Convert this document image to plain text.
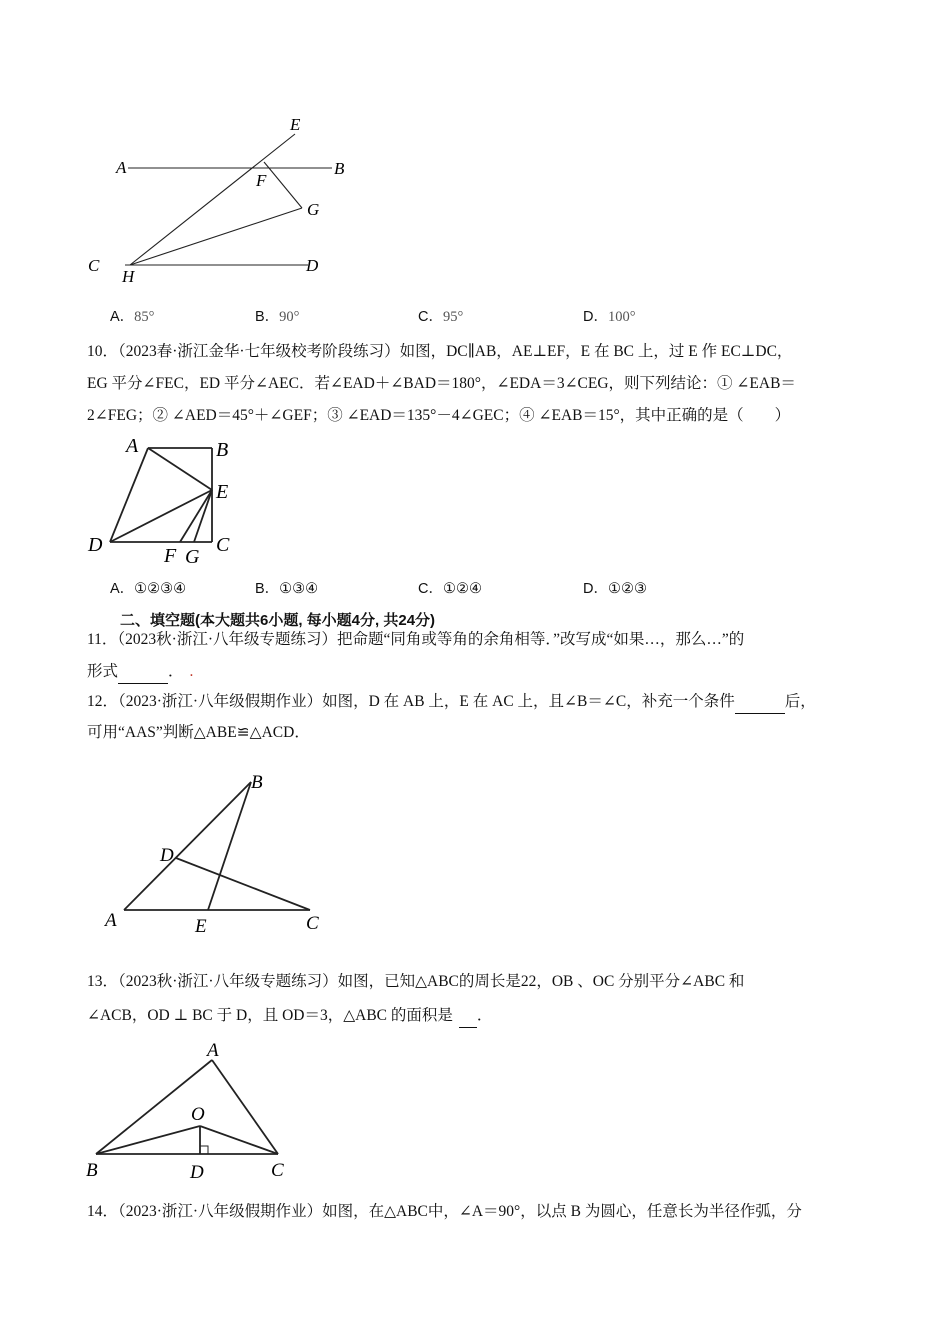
E
A	B
F
G
C
H
D
A．85°	B．90°	C．95°	D．100°
10．（2023春·浙江金华·七年级校考阶段练习）如图，DC∥AB，AE⊥EF，E 在 BC 上，过 E 作 EC⊥DC，
EG 平分∠FEC，ED 平分∠AEC．若∠EAD＋∠BAD＝180°，∠EDA＝3∠CEG，则下列结论：① ∠EAB＝
2∠FEG；② ∠AED＝45°＋∠GEF；③ ∠EAD＝135°－4∠GEC；④ ∠EAB＝15°，其中正确的是（　　）
A	B
E
D	F G
C
A．①②③④	B．①③④	C．①②④	D．①②③
二、填空题(本大题共6小题, 每小题4分, 共24分)
11．（2023秋·浙江·八年级专题练习）把命题“同角或等角的余角相等．”改写成“如果…，那么…”的
形式	． .
12．（2023·浙江·八年级假期作业）如图，D 在 AB 上，E 在 AC 上，且∠B＝∠C，补充一个条件	后，
可用“AAS”判断△ABE≌△ACD．
B
D
A	E	C
13．（2023秋·浙江·八年级专题练习）如图，已知△ABC的周长是22，OB 、OC 分别平分∠ABC 和
∠ACB，OD ⊥ BC 于 D，且 OD＝3，△ABC 的面积是 ．
A
O
B	D	C
14．（2023·浙江·八年级假期作业）如图，在△ABC中，∠A＝90°，以点 B 为圆心，任意长为半径作弧，分
